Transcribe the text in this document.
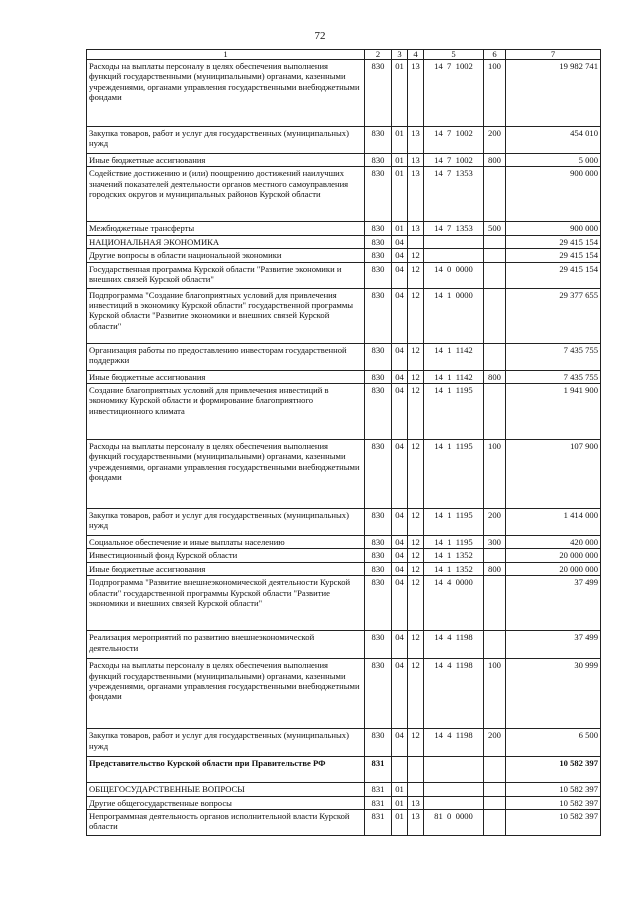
72
1	2	3	4	5	6	7
Расходы на выплаты персоналу в целях обеспечения выполнения функций государственными (муниципальными) органами, казенными учреждениями, органами управления государственными внебюджетными фондами	830	01	13	14  7  1002	100	19 982 741
Закупка товаров, работ и услуг для государственных (муниципальных) нужд	830	01	13	14  7  1002	200	454 010
Иные бюджетные ассигнования	830	01	13	14  7  1002	800	5 000
Содействие достижению и (или) поощрению достижений наилучших значений показателей деятельности органов местного самоуправления городских округов и муниципальных районов Курской области	830	01	13	14  7  1353		900 000
Межбюджетные трансферты	830	01	13	14  7  1353	500	900 000
НАЦИОНАЛЬНАЯ ЭКОНОМИКА	830	04				29 415 154
Другие вопросы в области национальной экономики	830	04	12			29 415 154
Государственная программа Курской области "Развитие экономики и внешних связей Курской области"	830	04	12	14  0  0000		29 415 154
Подпрограмма "Создание благоприятных условий для привлечения инвестиций в экономику Курской области" государственной программы Курской области "Развитие экономики и внешних связей Курской области"	830	04	12	14  1  0000		29 377 655
Организация работы по предоставлению инвесторам государственной поддержки	830	04	12	14  1  1142		7 435 755
Иные бюджетные ассигнования	830	04	12	14  1  1142	800	7 435 755
Создание благоприятных условий для привлечения инвестиций в экономику Курской области и формирование благоприятного инвестиционного климата	830	04	12	14  1  1195		1 941 900
Расходы на выплаты персоналу в целях обеспечения выполнения функций государственными (муниципальными) органами, казенными учреждениями, органами управления государственными внебюджетными фондами	830	04	12	14  1  1195	100	107 900
Закупка товаров, работ и услуг для государственных (муниципальных) нужд	830	04	12	14  1  1195	200	1 414 000
Социальное обеспечение и иные выплаты населению	830	04	12	14  1  1195	300	420 000
Инвестиционный фонд Курской области	830	04	12	14  1  1352		20 000 000
Иные бюджетные ассигнования	830	04	12	14  1  1352	800	20 000 000
Подпрограмма "Развитие внешнеэкономической деятельности Курской области" государственной программы Курской области "Развитие экономики и внешних связей Курской области"	830	04	12	14  4  0000		37 499
Реализация мероприятий по развитию внешнеэкономической деятельности	830	04	12	14  4  1198		37 499
Расходы на выплаты персоналу в целях обеспечения выполнения функций государственными (муниципальными) органами, казенными учреждениями, органами управления государственными внебюджетными фондами	830	04	12	14  4  1198	100	30 999
Закупка товаров, работ и услуг для государственных (муниципальных) нужд	830	04	12	14  4  1198	200	6 500
Представительство Курской области при Правительстве РФ	831					10 582 397
ОБЩЕГОСУДАРСТВЕННЫЕ ВОПРОСЫ	831	01				10 582 397
Другие общегосударственные вопросы	831	01	13			10 582 397
Непрограммная деятельность органов исполнительной власти Курской области	831	01	13	81  0  0000		10 582 397
